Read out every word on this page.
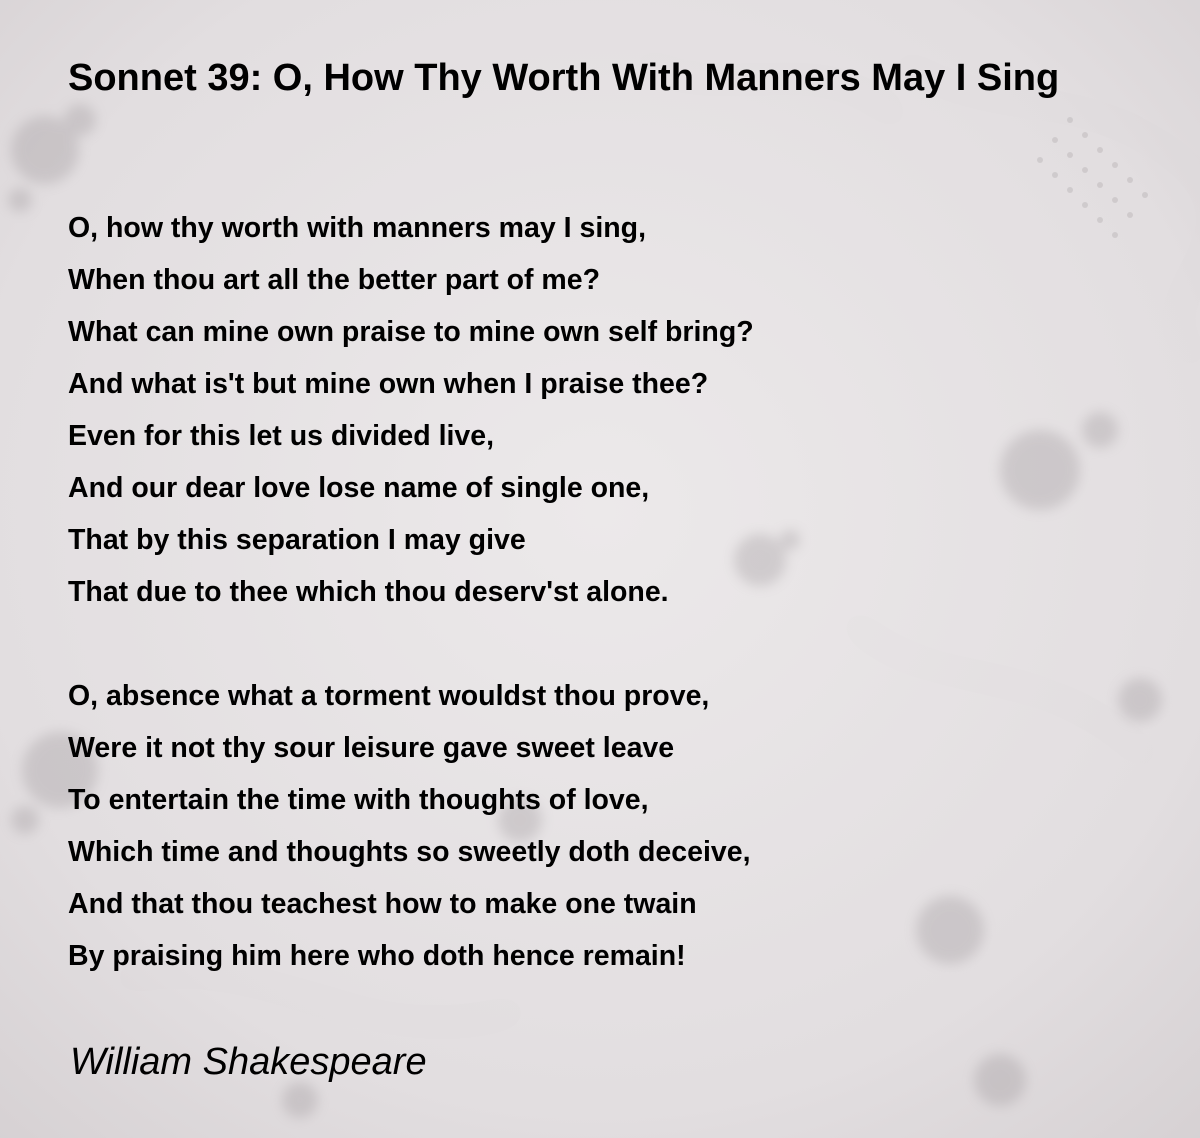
Sonnet 39: O, How Thy Worth With Manners May I Sing
O, how thy worth with manners may I sing,
When thou art all the better part of me?
What can mine own praise to mine own self bring?
And what is't but mine own when I praise thee?
Even for this let us divided live,
And our dear love lose name of single one,
That by this separation I may give
That due to thee which thou deserv'st alone.
O, absence what a torment wouldst thou prove,
Were it not thy sour leisure gave sweet leave
To entertain the time with thoughts of love,
Which time and thoughts so sweetly doth deceive,
And that thou teachest how to make one twain
By praising him here who doth hence remain!

William Shakespeare
